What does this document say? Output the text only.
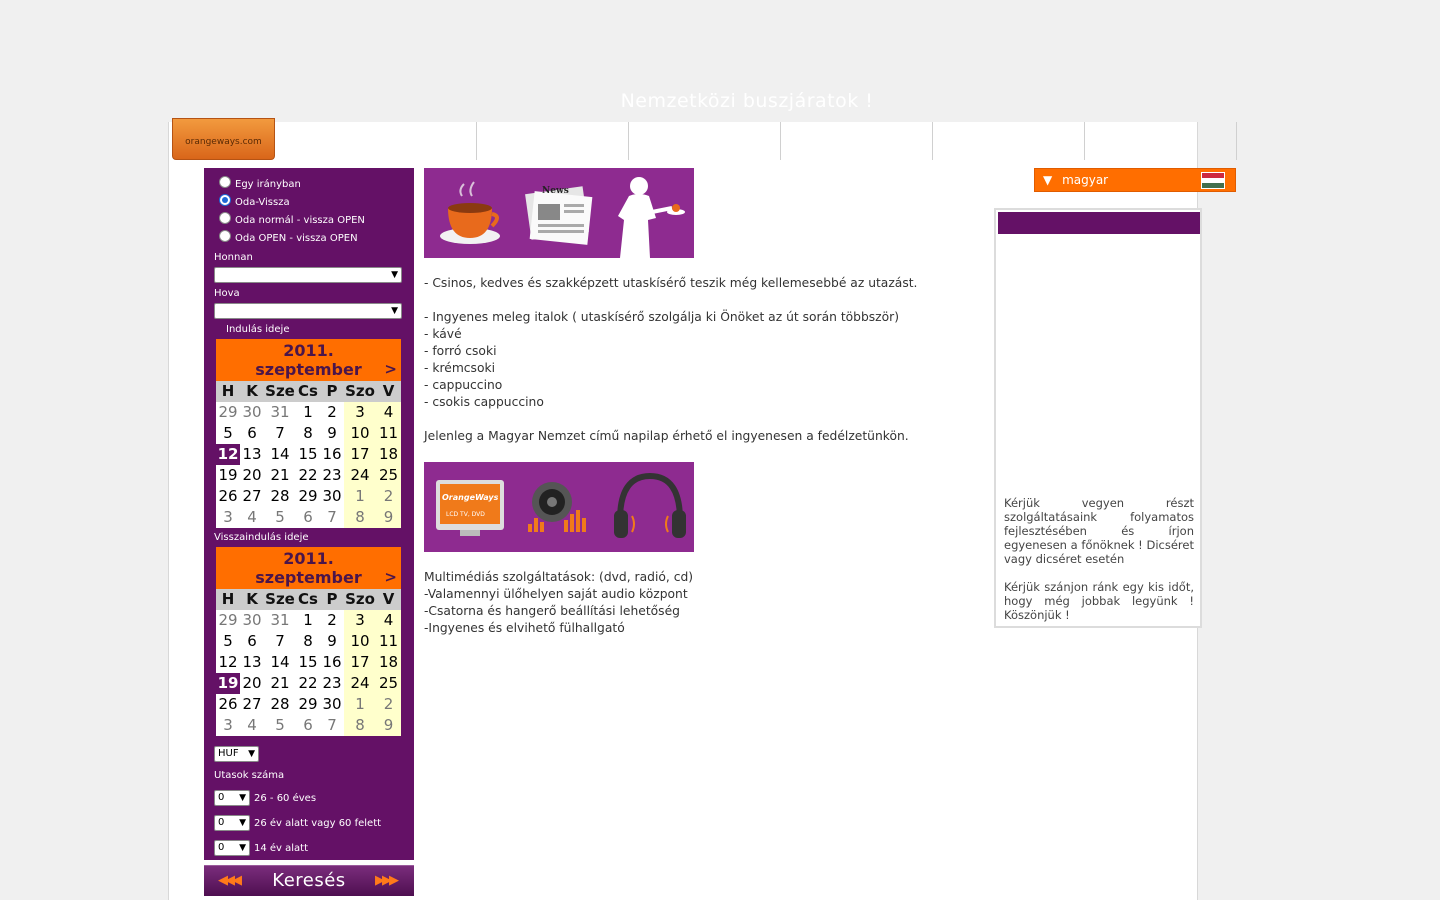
Nemzetközi buszjáratok !
orangeways.com
Egy irányban
Oda-Vissza
Oda normál - vissza OPEN
Oda OPEN - vissza OPEN
Honnan
▼
Hova
▼
Indulás ideje
2011.
szeptember	>
H K Sze Cs P Szo V
29 30 31 1 2	3	4
5 6	7	8 9 10 11
12 13 14 15 16 17 18
19 20 21 22 23 24 25
26 27 28 29 30 1	2
3 4	5	6 7	8	9
Visszaindulás ideje
2011.
szeptember	>
H K Sze Cs P Szo V
29 30 31 1 2	3	4
5 6	7	8 9 10 11
12 13 14 15 16 17 18
19 20 21 22 23 24 25
26 27 28 29 30 1	2
3 4	5	6 7	8	9
HUF ▼
Utasok száma
0 ▼ 26 - 60 éves
0 ▼ 26 év alatt vagy 60 felett
0 ▼ 14 év alatt
◀◀◀ Keresés ▶▶▶
News
- Csinos, kedves és szakképzett utaskísérő teszik még kellemesebbé az utazást.
- Ingyenes meleg italok ( utaskísérő szolgálja ki Önöket az út során többször)
- kávé
- forró csoki
- krémcsoki
- cappuccino
- csokis cappuccino
Jelenleg a Magyar Nemzet című napilap érhető el ingyenesen a fedélzetünkön.
OrangeWays
LCD TV, DVD
Multimédiás szolgáltatások: (dvd, radió, cd)
-Valamennyi ülőhelyen saját audio központ
-Csatorna és hangerő beállítási lehetőség
-Ingyenes és elvihető fülhallgató
▼ magyar
Kérjük vegyen részt szolgáltatásaink folyamatos fejlesztésében és írjon egyenesen a főnöknek ! Dicséret vagy dicséret esetén
Kérjük szánjon ránk egy kis időt, hogy még jobbak legyünk ! Köszönjük !
